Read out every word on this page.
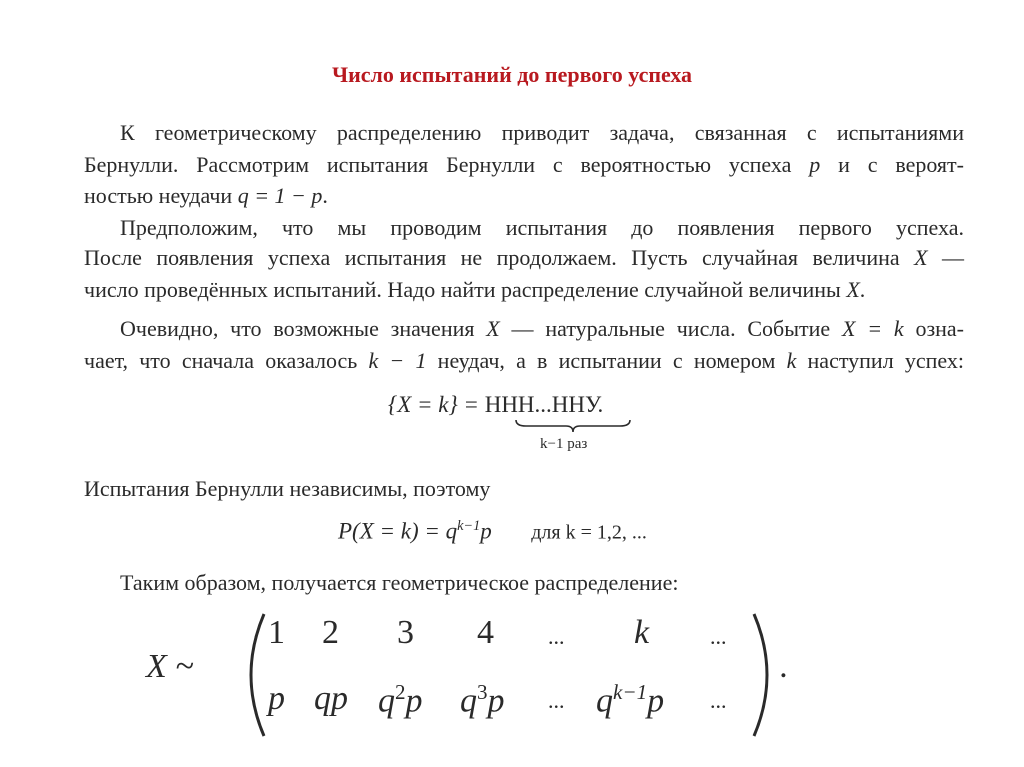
Число испытаний до первого успеха
К геометрическому распределению приводит задача, связанная с испытаниями
Бернулли. Рассмотрим испытания Бернулли с вероятностью успеха p и с вероят-
ностью неудачи q = 1 − p.
Предположим, что мы проводим испытания до появления первого успеха.
После появления успеха испытания не продолжаем. Пусть случайная величина X —
число проведённых испытаний. Надо найти распределение случайной величины X.
Очевидно, что возможные значения X — натуральные числа. Событие X = k озна-
чает, что сначала оказалось k − 1 неудач, а в испытании с номером k наступил успех:
{X = k} = ННН...ННУ.
k−1 раз
Испытания Бернулли независимы, поэтому
$P(X = k) = q^{k-1}p$ для k = 1,2, ...
Таким образом, получается геометрическое распределение:
X ~	.
1 2 3 4 ... k	...
p qp $q^2p$ $q^3p$ ... $q^{k-1}p$ ...
